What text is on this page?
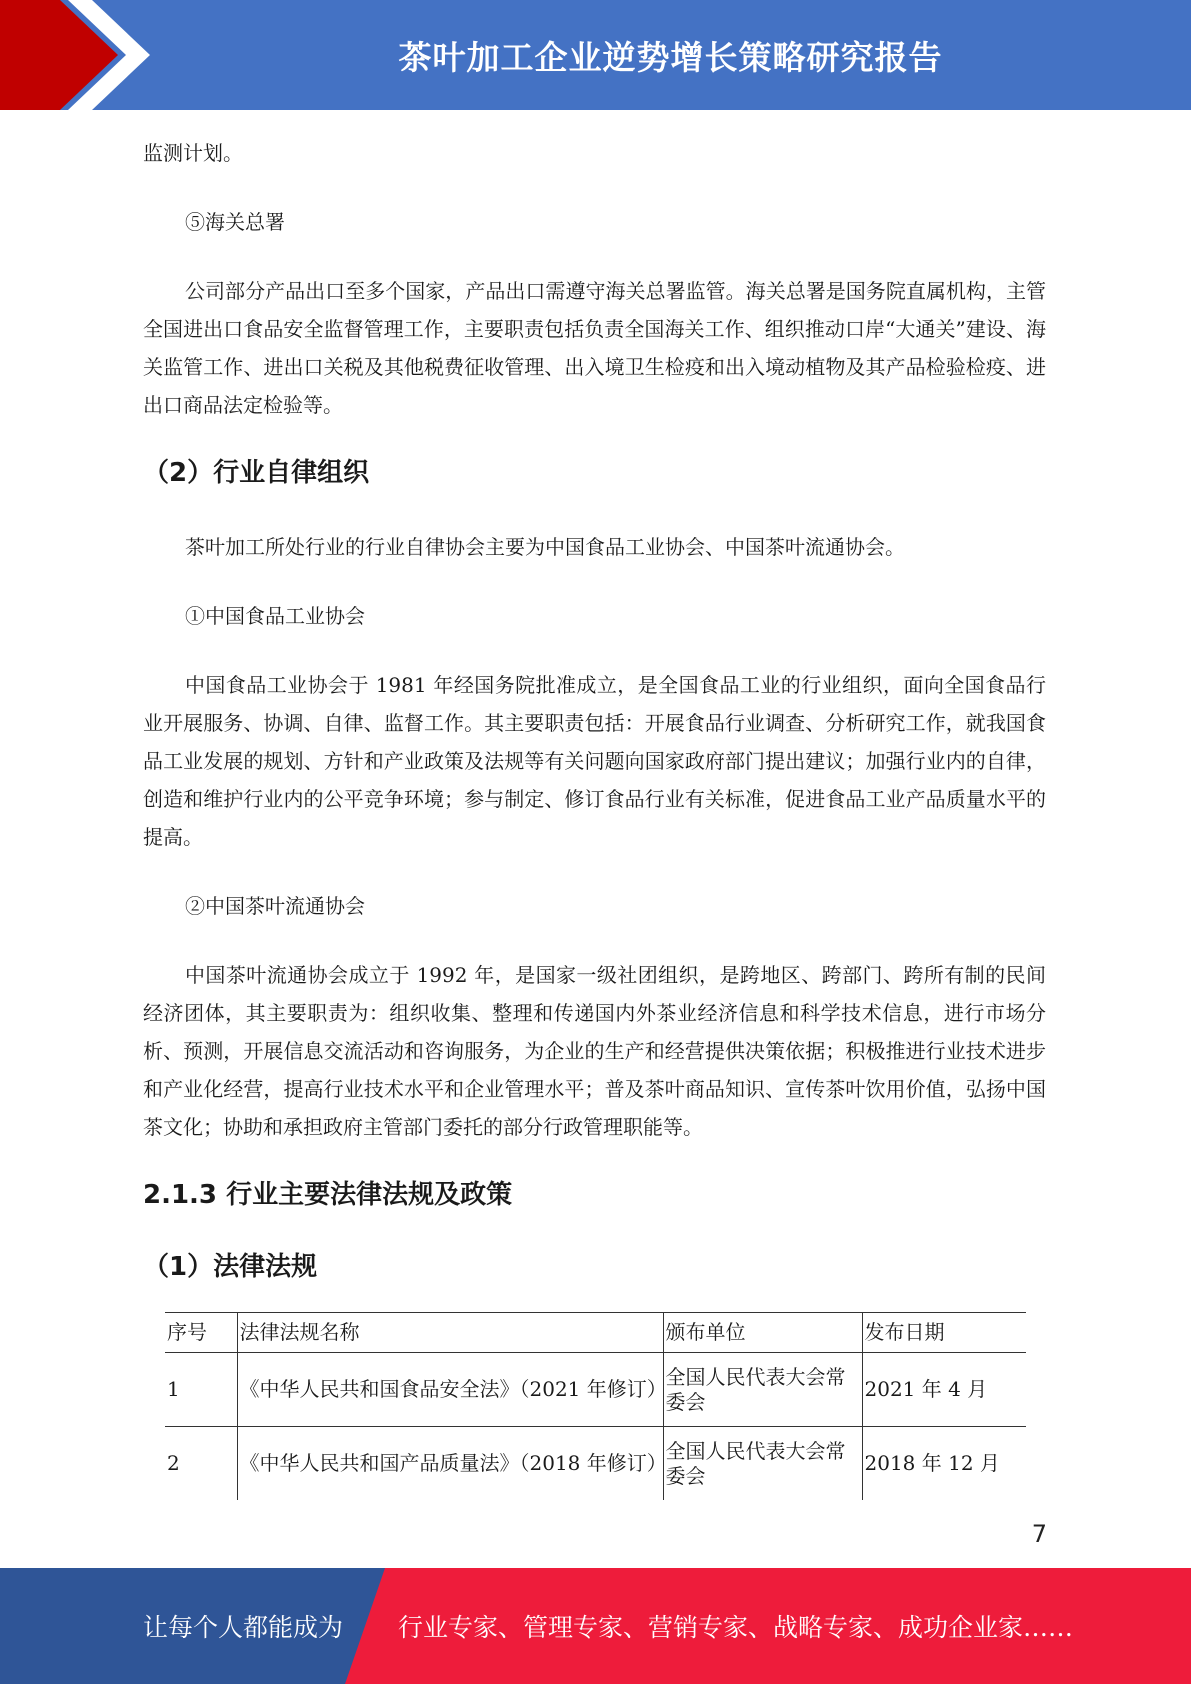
茶叶加工企业逆势增长策略研究报告

监测计划。

⑤海关总署

公司部分产品出口至多个国家，产品出口需遵守海关总署监管。海关总署是国务院直属机构，主管全国进出口食品安全监督管理工作，主要职责包括负责全国海关工作、组织推动口岸“大通关”建设、海关监管工作、进出口关税及其他税费征收管理、出入境卫生检疫和出入境动植物及其产品检验检疫、进出口商品法定检验等。

（2）行业自律组织

茶叶加工所处行业的行业自律协会主要为中国食品工业协会、中国茶叶流通协会。

①中国食品工业协会

中国食品工业协会于 1981 年经国务院批准成立，是全国食品工业的行业组织，面向全国食品行业开展服务、协调、自律、监督工作。其主要职责包括：开展食品行业调查、分析研究工作，就我国食品工业发展的规划、方针和产业政策及法规等有关问题向国家政府部门提出建议；加强行业内的自律，创造和维护行业内的公平竞争环境；参与制定、修订食品行业有关标准，促进食品工业产品质量水平的提高。

②中国茶叶流通协会

中国茶叶流通协会成立于 1992 年，是国家一级社团组织，是跨地区、跨部门、跨所有制的民间经济团体，其主要职责为：组织收集、整理和传递国内外茶业经济信息和科学技术信息，进行市场分析、预测，开展信息交流活动和咨询服务，为企业的生产和经营提供决策依据；积极推进行业技术进步和产业化经营，提高行业技术水平和企业管理水平；普及茶叶商品知识、宣传茶叶饮用价值，弘扬中国茶文化；协助和承担政府主管部门委托的部分行政管理职能等。

2.1.3 行业主要法律法规及政策
（1）法律法规
序号	法律法规名称	颁布单位	发布日期
1	《中华人民共和国食品安全法》（2021 年修订）	全国人民代表大会常委会	2021 年 4 月
2	《中华人民共和国产品质量法》（2018 年修订）	全国人民代表大会常委会	2018 年 12 月
7
让每个人都能成为 行业专家、管理专家、营销专家、战略专家、成功企业家……
